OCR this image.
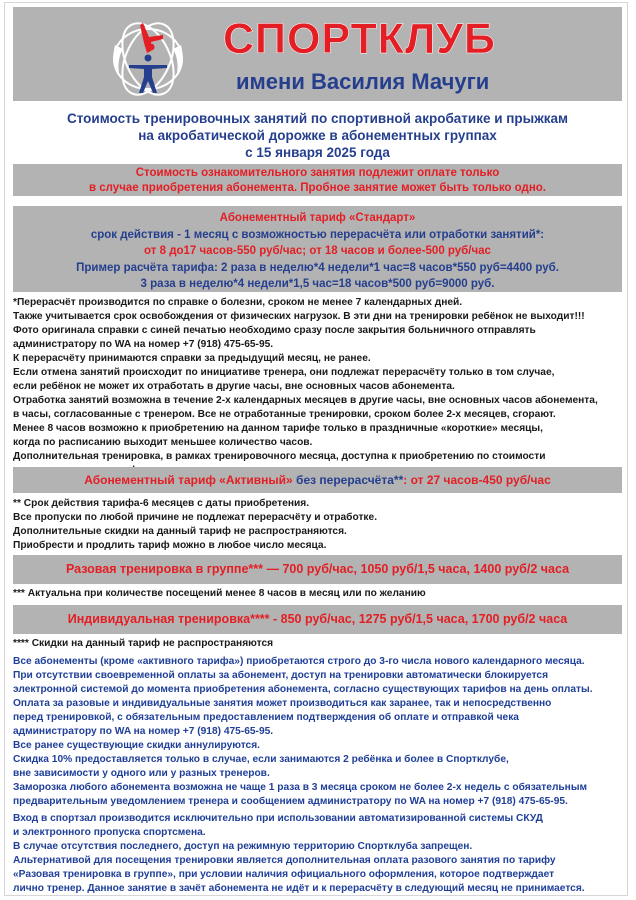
СПОРТКЛУБ
имени Василия Мачуги
Стоимость тренировочных занятий по спортивной акробатике и прыжкам
на акробатической дорожке в абонементных группах
с 15 января 2025 года
Стоимость ознакомительного занятия подлежит оплате только
в случае приобретения абонемента. Пробное занятие может быть только одно.
Абонементный тариф «Стандарт»
срок действия - 1 месяц с возможностью перерасчёта или отработки занятий*:
от 8 до17 часов-550 руб/час; от 18 часов и более-500 руб/час
Пример расчёта тарифа: 2 раза в неделю*4 недели*1 час=8 часов*550 руб=4400 руб.
3 раза в неделю*4 недели*1,5 час=18 часов*500 руб=9000 руб.
*Перерасчёт производится по справке о болезни, сроком не менее 7 календарных дней.
Также учитывается срок освобождения от физических нагрузок. В эти дни на тренировки ребёнок не выходит!!!
Фото оригинала справки с синей печатью необходимо сразу после закрытия больничного отправлять
администратору по WA на номер +7 (918) 475-65-95.
К перерасчёту принимаются справки за предыдущий месяц, не ранее.
Если отмена занятий происходит по инициативе тренера, они подлежат перерасчёту только в том случае,
если ребёнок не может их отработать в другие часы, вне основных часов абонемента.
Отработка занятий возможна в течение 2-х календарных месяцев в другие часы, вне основных часов абонемента,
в часы, согласованные с тренером. Все не отработанные тренировки, сроком более 2-х месяцев, сгорают.
Менее 8 часов возможно к приобретению на данном тарифе только в праздничные «короткие» месяцы,
когда по расписанию выходит меньшее количество часов.
Дополнительная тренировка, в рамках тренировочного месяца, доступна к приобретению по стоимости
Абонементный тариф «Активный» без перерасчёта**: от 27 часов-450 руб/час
** Срок действия тарифа-6 месяцев с даты приобретения.
Все пропуски по любой причине не подлежат перерасчёту и отработке.
Дополнительные скидки на данный тариф не распространяются.
Приобрести и продлить тариф можно в любое число месяца.
Разовая тренировка в группе*** — 700 руб/час, 1050 руб/1,5 часа, 1400 руб/2 часа
*** Актуальна при количестве посещений менее 8 часов в месяц или по желанию
Индивидуальная тренировка**** - 850 руб/час, 1275 руб/1,5 часа, 1700 руб/2 часа
**** Скидки на данный тариф не распространяются
Все абонементы (кроме «активного тарифа») приобретаются строго до 3-го числа нового календарного месяца.
При отсутствии своевременной оплаты за абонемент, доступ на тренировки автоматически блокируется
электронной системой до момента приобретения абонемента, согласно существующих тарифов на день оплаты.
Оплата за разовые и индивидуальные занятия может производиться как заранее, так и непосредственно
перед тренировкой, с обязательным предоставлением подтверждения об оплате и отправкой чека
администратору по WA на номер +7 (918) 475-65-95.
Все ранее существующие скидки аннулируются.
Скидка 10% предоставляется только в случае, если занимаются 2 ребёнка и более в Спортклубе,
вне зависимости у одного или у разных тренеров.
Заморозка любого абонемента возможна не чаще 1 раза в 3 месяца сроком не более 2-х недель с обязательным
предварительным уведомлением тренера и сообщением администратору по WA на номер +7 (918) 475-65-95.
Вход в спортзал производится исключительно при использовании автоматизированной системы СКУД
и электронного пропуска спортсмена.
В случае отсутствия последнего, доступ на режимную территорию Спортклуба запрещен.
Альтернативой для посещения тренировки является дополнительная оплата разового занятия по тарифу
«Разовая тренировка в группе», при условии наличия официального оформления, которое подтверждает
лично тренер. Данное занятие в зачёт абонемента не идёт и к перерасчёту в следующий месяц не принимается.
